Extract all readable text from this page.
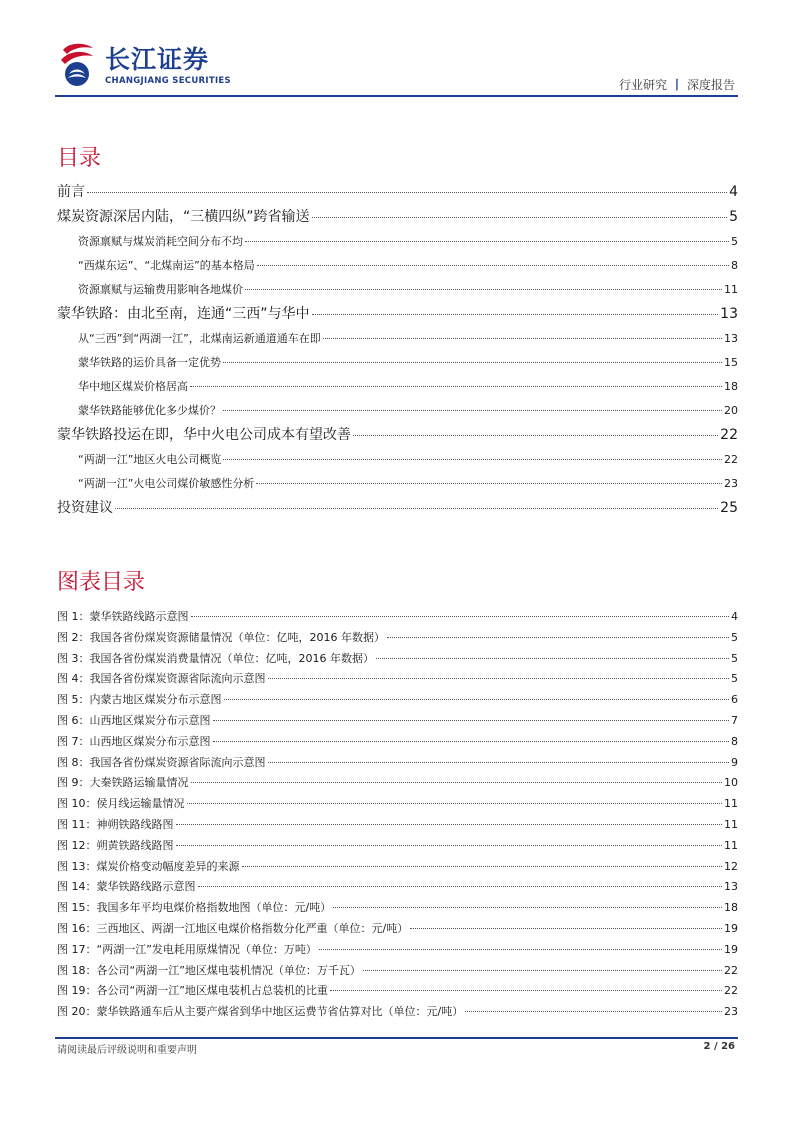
长江证券
CHANGJIANG SECURITIES	行业研究 丨 深度报告
目录
前言	4
煤炭资源深居内陆，“三横四纵”跨省输送	5
资源禀赋与煤炭消耗空间分布不均	5
“西煤东运”、“北煤南运”的基本格局	8
资源禀赋与运输费用影响各地煤价	11
蒙华铁路：由北至南，连通“三西”与华中	13
从“三西”到“两湖一江”，北煤南运新通道通车在即	13
蒙华铁路的运价具备一定优势	15
华中地区煤炭价格居高	18
蒙华铁路能够优化多少煤价？	20
蒙华铁路投运在即，华中火电公司成本有望改善	22
“两湖一江”地区火电公司概览	22
“两湖一江”火电公司煤价敏感性分析	23
投资建议	25
图表目录
图 1：蒙华铁路线路示意图	4
图 2：我国各省份煤炭资源储量情况（单位：亿吨，2016 年数据）	5
图 3：我国各省份煤炭消费量情况（单位：亿吨，2016 年数据）	5
图 4：我国各省份煤炭资源省际流向示意图	5
图 5：内蒙古地区煤炭分布示意图	6
图 6：山西地区煤炭分布示意图	7
图 7：山西地区煤炭分布示意图	8
图 8：我国各省份煤炭资源省际流向示意图	9
图 9：大秦铁路运输量情况	10
图 10：侯月线运输量情况	11
图 11：神朔铁路线路图	11
图 12：朔黄铁路线路图	11
图 13：煤炭价格变动幅度差异的来源	12
图 14：蒙华铁路线路示意图	13
图 15：我国多年平均电煤价格指数地图（单位：元/吨）	18
图 16：三西地区、两湖一江地区电煤价格指数分化严重（单位：元/吨）	19
图 17：“两湖一江”发电耗用原煤情况（单位：万吨）	19
图 18：各公司“两湖一江”地区煤电装机情况（单位：万千瓦）	22
图 19：各公司“两湖一江”地区煤电装机占总装机的比重	22
图 20：蒙华铁路通车后从主要产煤省到华中地区运费节省估算对比（单位：元/吨）	23
请阅读最后评级说明和重要声明	2 / 26
